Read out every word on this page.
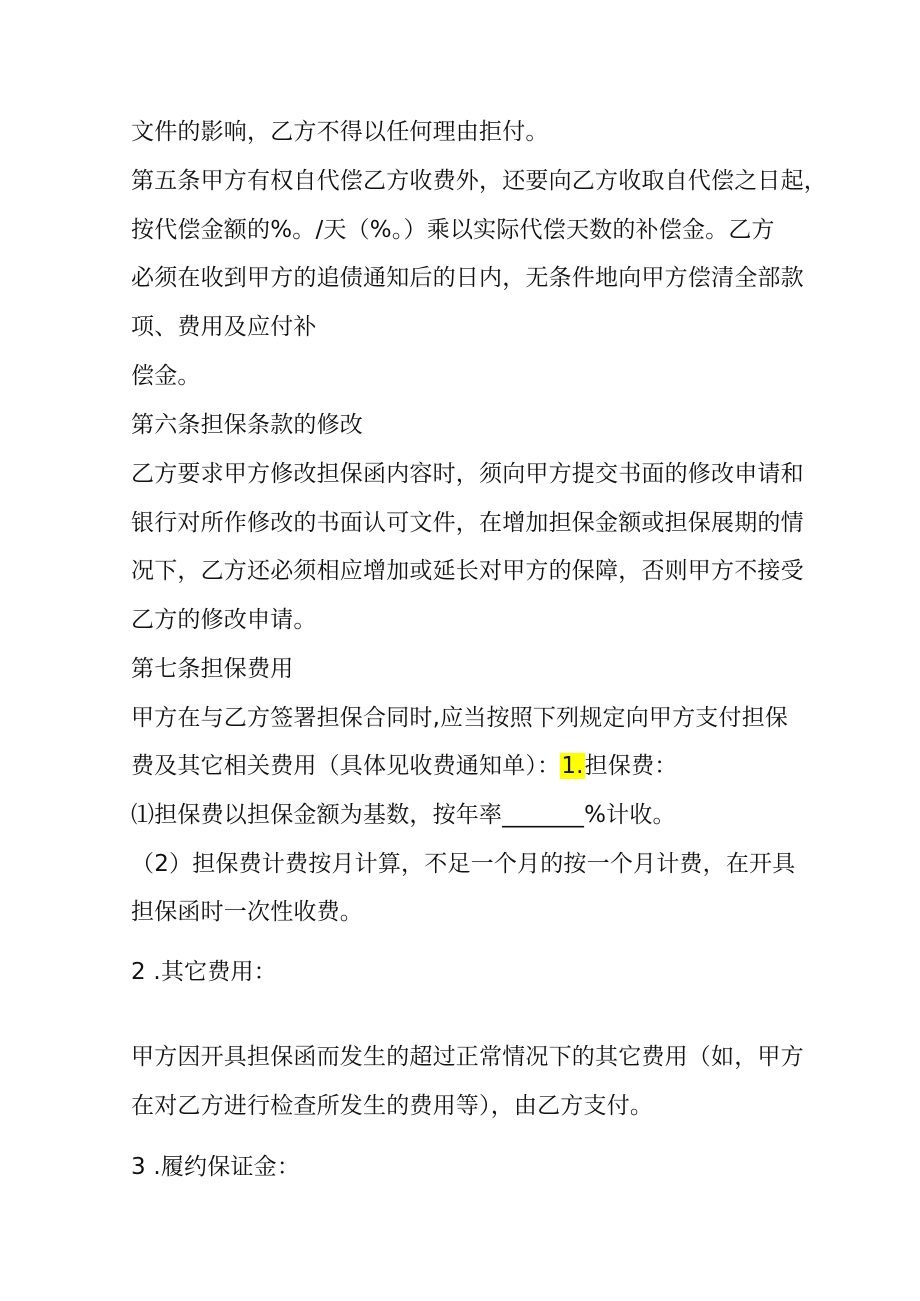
文件的影响，乙方不得以任何理由拒付。
第五条甲方有权自代偿乙方收费外，还要向乙方收取自代偿之日起，
按代偿金额的%。/天（%。）乘以实际代偿天数的补偿金。乙方
必须在收到甲方的追债通知后的日内，无条件地向甲方偿清全部款
项、费用及应付补
偿金。
第六条担保条款的修改
乙方要求甲方修改担保函内容时，须向甲方提交书面的修改申请和
银行对所作修改的书面认可文件，在增加担保金额或担保展期的情
况下，乙方还必须相应增加或延长对甲方的保障，否则甲方不接受
乙方的修改申请。
第七条担保费用
甲方在与乙方签署担保合同时,应当按照下列规定向甲方支付担保
费及其它相关费用（具体见收费通知单）：1.担保费：
⑴担保费以担保金额为基数，按年率_______%计收。
（2）担保费计费按月计算，不足一个月的按一个月计费，在开具
担保函时一次性收费。
2 .其它费用：
甲方因开具担保函而发生的超过正常情况下的其它费用（如，甲方
在对乙方进行检查所发生的费用等），由乙方支付。
3 .履约保证金：
